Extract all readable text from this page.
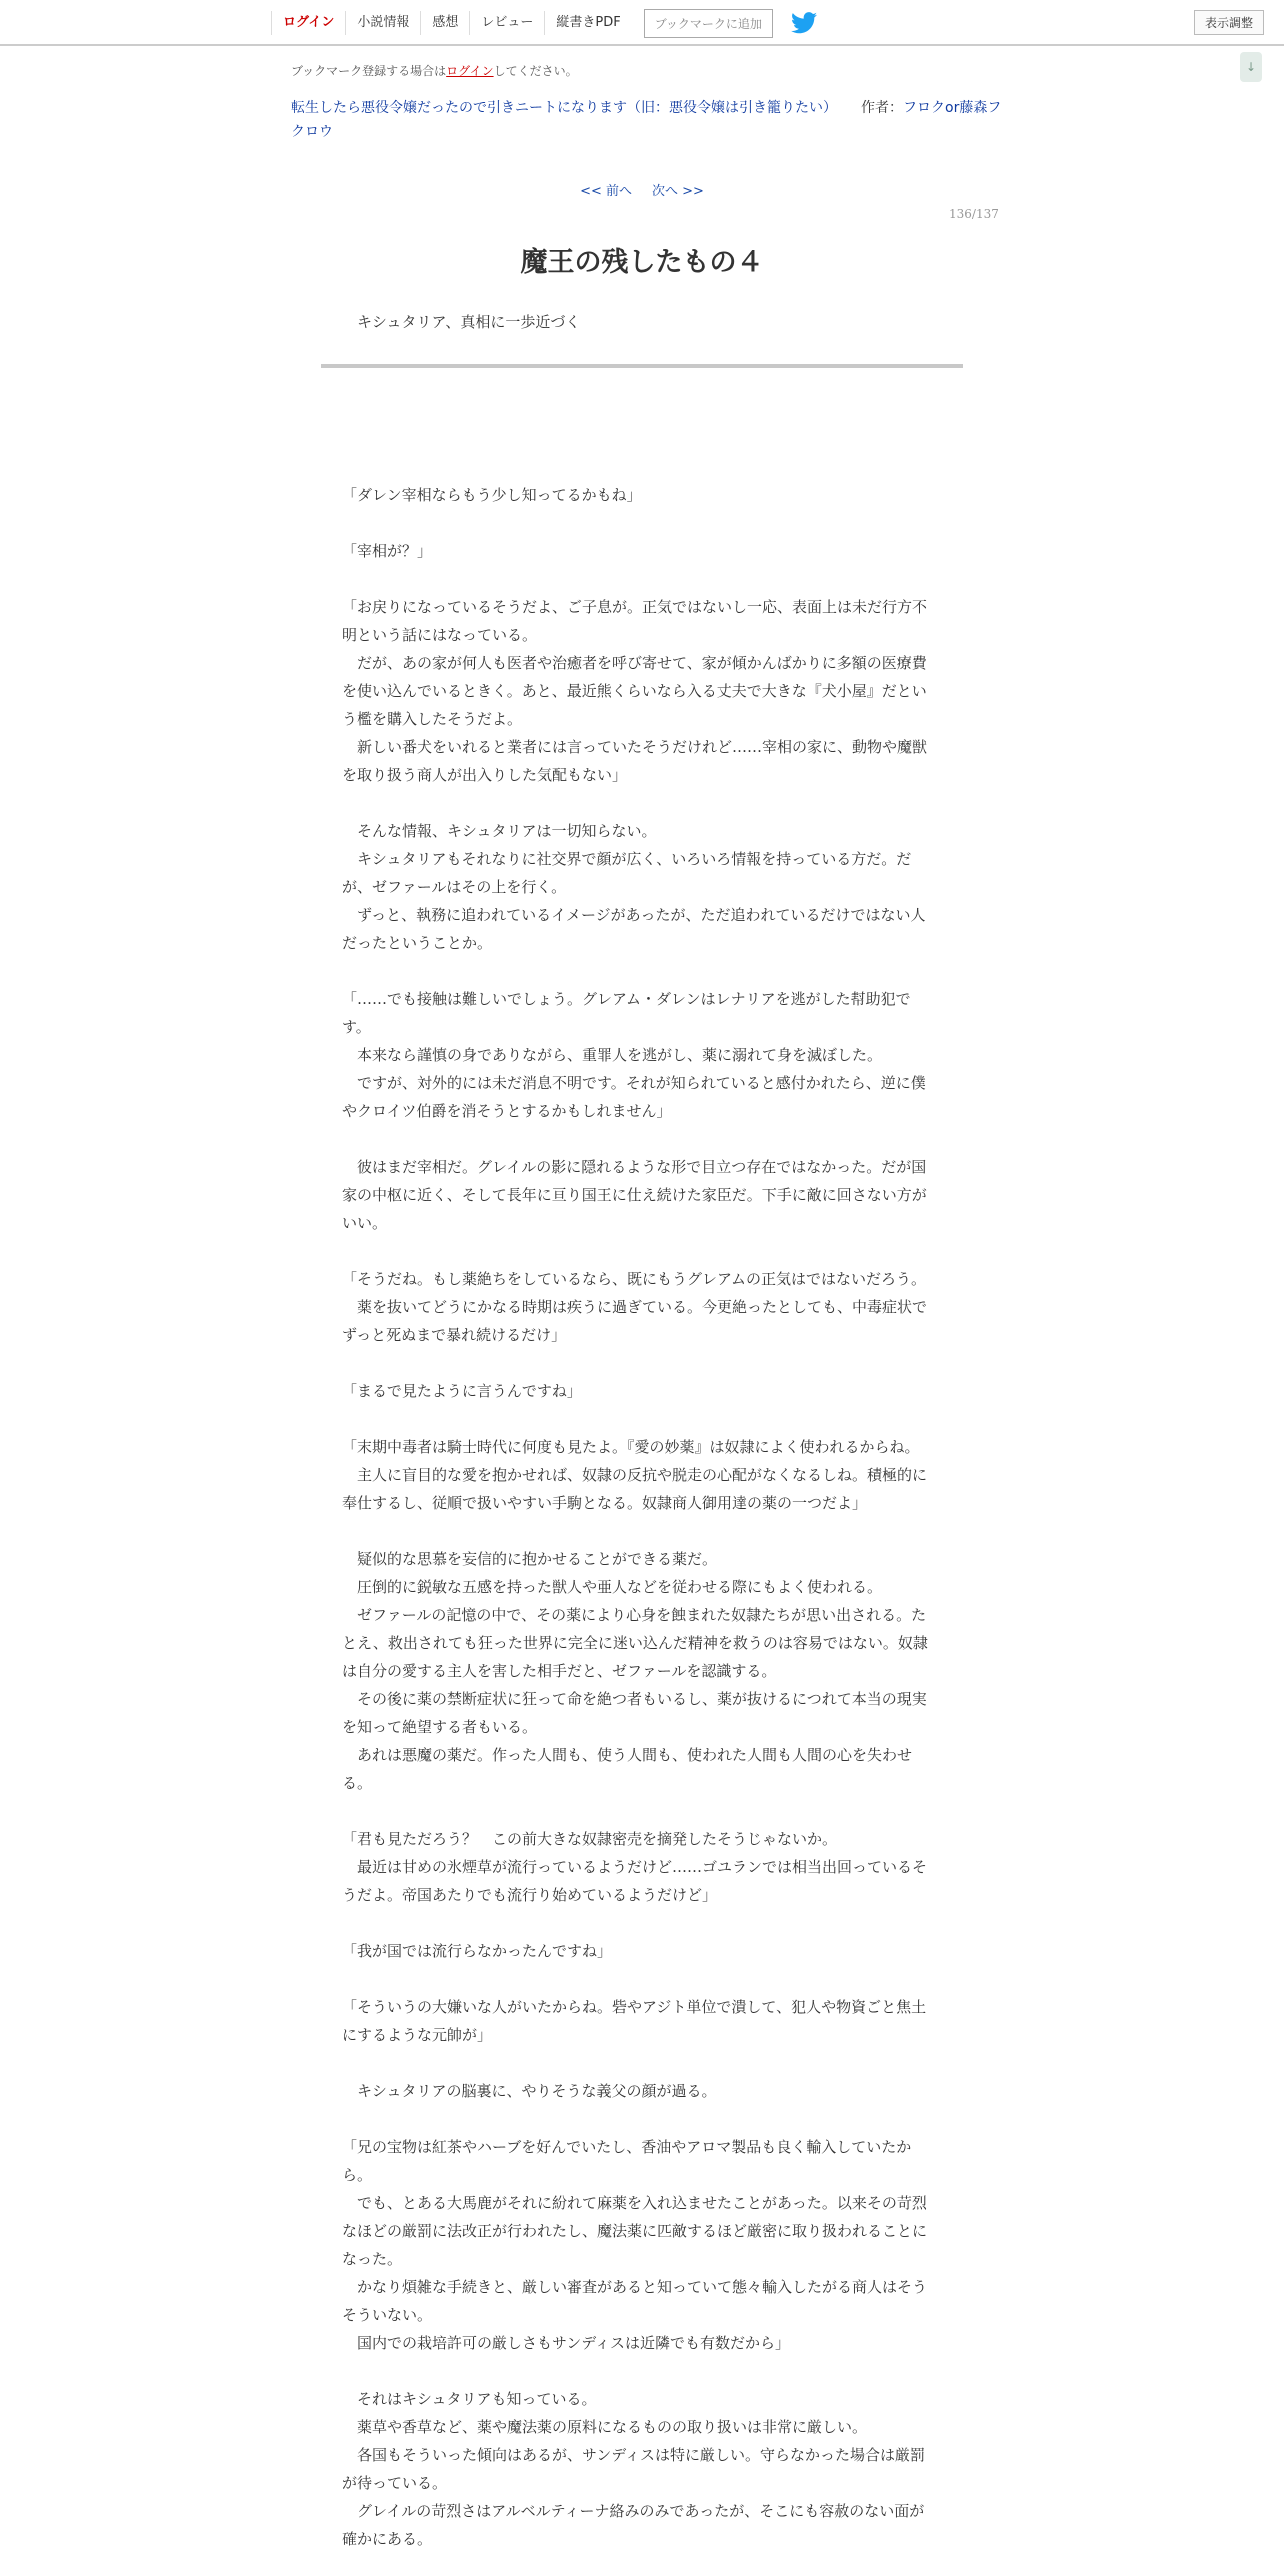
ログイン	小説情報	感想	レビュー	縦書きPDF	ブックマークに追加	表示調整
↓
ブックマーク登録する場合はログインしてください。
転生したら悪役令嬢だったので引きニートになります（旧：悪役令嬢は引き籠りたい） 作者：フロクor藤森フクロウ
<< 前へ 次へ >>
136/137
魔王の残したもの４
キシュタリア、真相に一歩近づく

「ダレン宰相ならもう少し知ってるかもね」

「宰相が？」

「お戻りになっているそうだよ、ご子息が。正気ではないし一応、表面上は未だ行方不明という話にはなっている。

　だが、あの家が何人も医者や治癒者を呼び寄せて、家が傾かんばかりに多額の医療費を使い込んでいるときく。あと、最近熊くらいなら入る丈夫で大きな『犬小屋』だという檻を購入したそうだよ。

　新しい番犬をいれると業者には言っていたそうだけれど……宰相の家に、動物や魔獣を取り扱う商人が出入りした気配もない」

　そんな情報、キシュタリアは一切知らない。

　キシュタリアもそれなりに社交界で顔が広く、いろいろ情報を持っている方だ。だが、ゼファールはその上を行く。

　ずっと、執務に追われているイメージがあったが、ただ追われているだけではない人だったということか。

「……でも接触は難しいでしょう。グレアム・ダレンはレナリアを逃がした幇助犯です。

　本来なら謹慎の身でありながら、重罪人を逃がし、薬に溺れて身を滅ぼした。

　ですが、対外的には未だ消息不明です。それが知られていると感付かれたら、逆に僕やクロイツ伯爵を消そうとするかもしれません」

　彼はまだ宰相だ。グレイルの影に隠れるような形で目立つ存在ではなかった。だが国家の中枢に近く、そして長年に亘り国王に仕え続けた家臣だ。下手に敵に回さない方がいい。

「そうだね。もし薬絶ちをしているなら、既にもうグレアムの正気はではないだろう。

　薬を抜いてどうにかなる時期は疾うに過ぎている。今更絶ったとしても、中毒症状でずっと死ぬまで暴れ続けるだけ」

「まるで見たように言うんですね」

「末期中毒者は騎士時代に何度も見たよ。『愛の妙薬』は奴隷によく使われるからね。

　主人に盲目的な愛を抱かせれば、奴隷の反抗や脱走の心配がなくなるしね。積極的に奉仕するし、従順で扱いやすい手駒となる。奴隷商人御用達の薬の一つだよ」

　疑似的な思慕を妄信的に抱かせることができる薬だ。

　圧倒的に鋭敏な五感を持った獣人や亜人などを従わせる際にもよく使われる。

　ゼファールの記憶の中で、その薬により心身を蝕まれた奴隷たちが思い出される。たとえ、救出されても狂った世界に完全に迷い込んだ精神を救うのは容易ではない。奴隷は自分の愛する主人を害した相手だと、ゼファールを認識する。

　その後に薬の禁断症状に狂って命を絶つ者もいるし、薬が抜けるにつれて本当の現実を知って絶望する者もいる。

　あれは悪魔の薬だ。作った人間も、使う人間も、使われた人間も人間の心を失わせる。

「君も見ただろう？　この前大きな奴隷密売を摘発したそうじゃないか。

　最近は甘めの氷煙草が流行っているようだけど……ゴユランでは相当出回っているそうだよ。帝国あたりでも流行り始めているようだけど」

「我が国では流行らなかったんですね」

「そういうの大嫌いな人がいたからね。砦やアジト単位で潰して、犯人や物資ごと焦土にするような元帥が」

　キシュタリアの脳裏に、やりそうな義父の顔が過る。

「兄の宝物は紅茶やハーブを好んでいたし、香油やアロマ製品も良く輸入していたから。

　でも、とある大馬鹿がそれに紛れて麻薬を入れ込ませたことがあった。以来その苛烈なほどの厳罰に法改正が行われたし、魔法薬に匹敵するほど厳密に取り扱われることになった。

　かなり煩雑な手続きと、厳しい審査があると知っていて態々輸入したがる商人はそうそういない。

　国内での栽培許可の厳しさもサンディスは近隣でも有数だから」

　それはキシュタリアも知っている。

　薬草や香草など、薬や魔法薬の原料になるものの取り扱いは非常に厳しい。

　各国もそういった傾向はあるが、サンディスは特に厳しい。守らなかった場合は厳罰が待っている。

　グレイルの苛烈さはアルベルティーナ絡みのみであったが、そこにも容赦のない面が確かにある。
